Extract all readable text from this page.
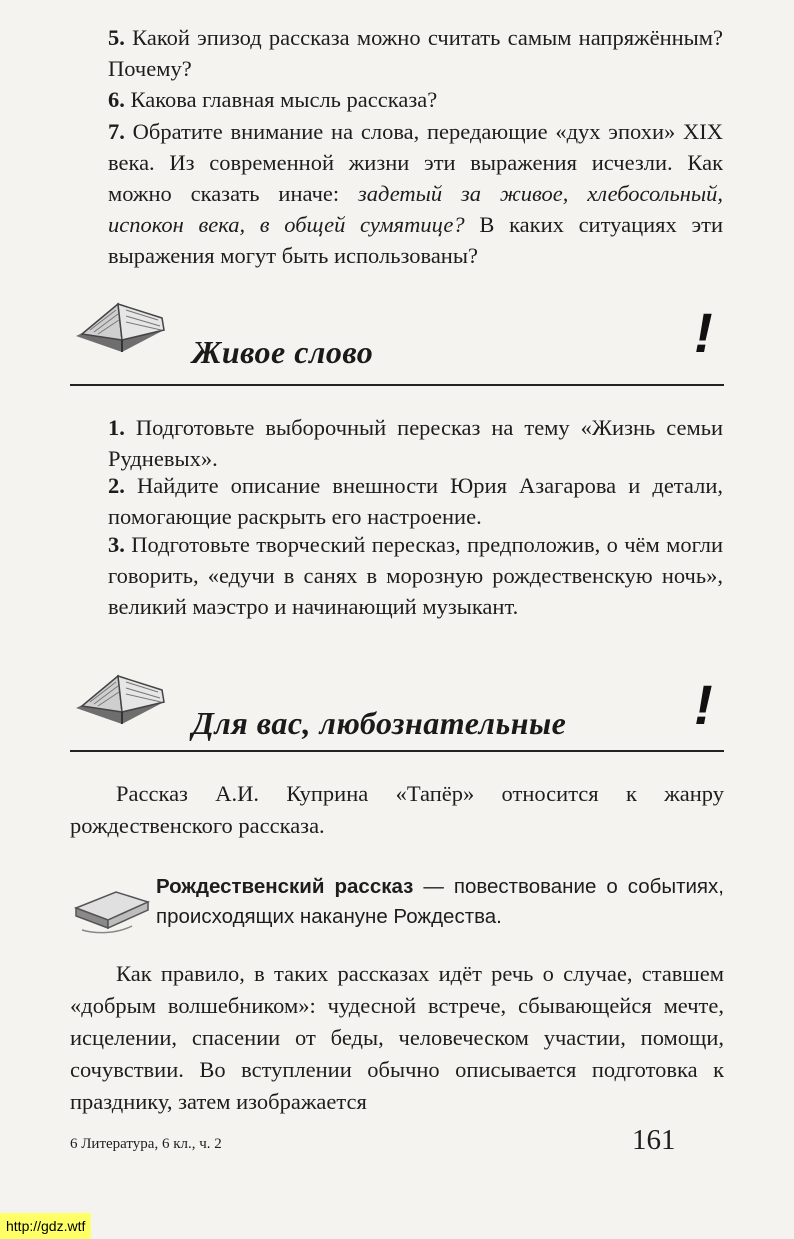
5. Какой эпизод рассказа можно считать самым напряжённым? Почему?
6. Какова главная мысль рассказа?
7. Обратите внимание на слова, передающие «дух эпохи» XIX века. Из современной жизни эти выражения исчезли. Как можно сказать иначе: задетый за живое, хлебосольный, испокон века, в общей сумятице? В каких ситуациях эти выражения могут быть использованы?
Живое слово	!
1. Подготовьте выборочный пересказ на тему «Жизнь семьи Рудневых».
2. Найдите описание внешности Юрия Азагарова и детали, помогающие раскрыть его настроение.
3. Подготовьте творческий пересказ, предположив, о чём могли говорить, «едучи в санях в морозную рождественскую ночь», великий маэстро и начинающий музыкант.
Для вас, любознательные !
Рассказ А.И. Куприна «Тапёр» относится к жанру рождественского рассказа.
Рождественский рассказ — повествование о событиях, происходящих накануне Рождества.
Как правило, в таких рассказах идёт речь о случае, ставшем «добрым волшебником»: чудесной встрече, сбывающейся мечте, исцелении, спасении от беды, человеческом участии, помощи, сочувствии. Во вступлении обычно описывается подготовка к празднику, затем изображается
6 Литература, 6 кл., ч. 2	161
http://gdz.wtf
